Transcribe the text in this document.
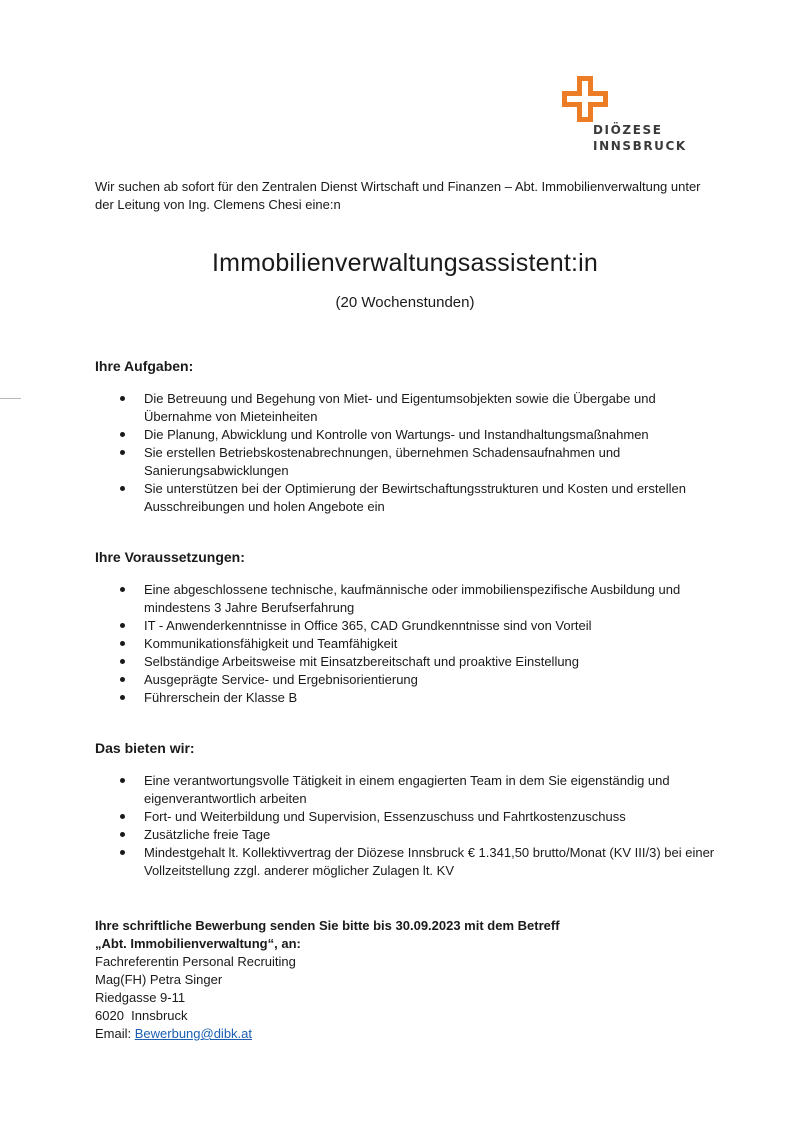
DIÖZESE
INNSBRUCK

Wir suchen ab sofort für den Zentralen Dienst Wirtschaft und Finanzen – Abt. Immobilienverwaltung unter der Leitung von Ing. Clemens Chesi eine:n

Immobilienverwaltungsassistent:in

(20 Wochenstunden)

Ihre Aufgaben:

Die Betreuung und Begehung von Miet- und Eigentumsobjekten sowie die Übergabe und Übernahme von Mieteinheiten
Die Planung, Abwicklung und Kontrolle von Wartungs- und Instandhaltungsmaßnahmen
Sie erstellen Betriebskostenabrechnungen, übernehmen Schadensaufnahmen und Sanierungsabwicklungen
Sie unterstützen bei der Optimierung der Bewirtschaftungsstrukturen und Kosten und erstellen Ausschreibungen und holen Angebote ein

Ihre Voraussetzungen:

Eine abgeschlossene technische, kaufmännische oder immobilienspezifische Ausbildung und mindestens 3 Jahre Berufserfahrung
IT - Anwenderkenntnisse in Office 365, CAD Grundkenntnisse sind von Vorteil
Kommunikationsfähigkeit und Teamfähigkeit
Selbständige Arbeitsweise mit Einsatzbereitschaft und proaktive Einstellung
Ausgeprägte Service- und Ergebnisorientierung
Führerschein der Klasse B

Das bieten wir:

Eine verantwortungsvolle Tätigkeit in einem engagierten Team in dem Sie eigenständig und eigenverantwortlich arbeiten
Fort- und Weiterbildung und Supervision, Essenzuschuss und Fahrtkostenzuschuss
Zusätzliche freie Tage
Mindestgehalt lt. Kollektivvertrag der Diözese Innsbruck € 1.341,50 brutto/Monat (KV III/3) bei einer Vollzeitstellung zzgl. anderer möglicher Zulagen lt. KV
Ihre schriftliche Bewerbung senden Sie bitte bis 30.09.2023 mit dem Betreff
„Abt. Immobilienverwaltung“, an:
Fachreferentin Personal Recruiting
Mag(FH) Petra Singer
Riedgasse 9-11
6020  Innsbruck
Email: Bewerbung@dibk.at
